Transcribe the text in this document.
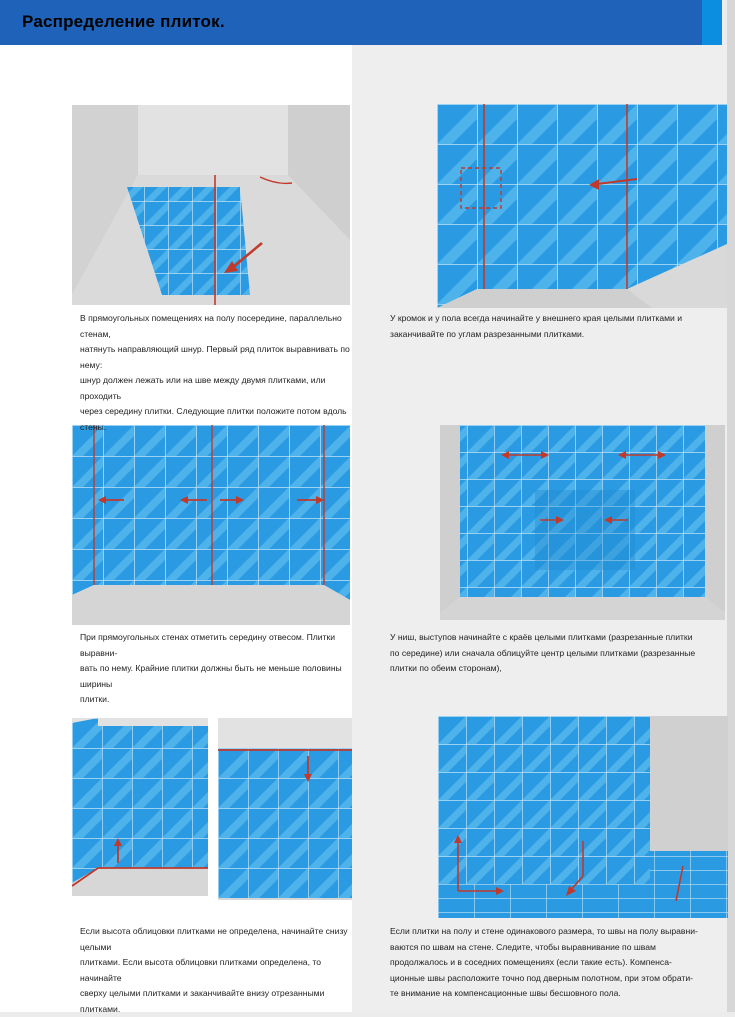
Распределение плиток.
В прямоугольных помещениях на полу посередине, параллельно стенам,
натянуть направляющий шнур. Первый ряд плиток выравнивать по нему:
шнур должен лежать или на шве между двумя плитками, или проходить
через середину плитки. Следующие плитки положите потом вдоль стены.
У кромок и у пола всегда начинайте у внешнего края целыми плитками и
заканчивайте по углам разрезанными плитками.
При прямоугольных стенах отметить середину отвесом. Плитки выравни-
вать по нему. Крайние плитки должны быть не меньше половины ширины
плитки.
У ниш, выступов начинайте с краёв целыми плитками (разрезанные плитки
по середине) или сначала облицуйте центр целыми плитками (разрезанные
плитки по обеим сторонам),
Если высота облицовки плитками не определена, начинайте снизу целыми
плитками. Если высота облицовки плитками определена, то начинайте
сверху целыми плитками и заканчивайте внизу отрезанными плитками.
Если плитки на полу и стене одинакового размера, то швы на полу выравни-
ваются по швам на стене. Следите, чтобы выравнивание по швам
продолжалось и в соседних помещениях (если такие есть). Компенса-
ционные швы расположите точно под дверным полотном, при этом обрати-
те внимание на компенсационные швы бесшовного пола.
